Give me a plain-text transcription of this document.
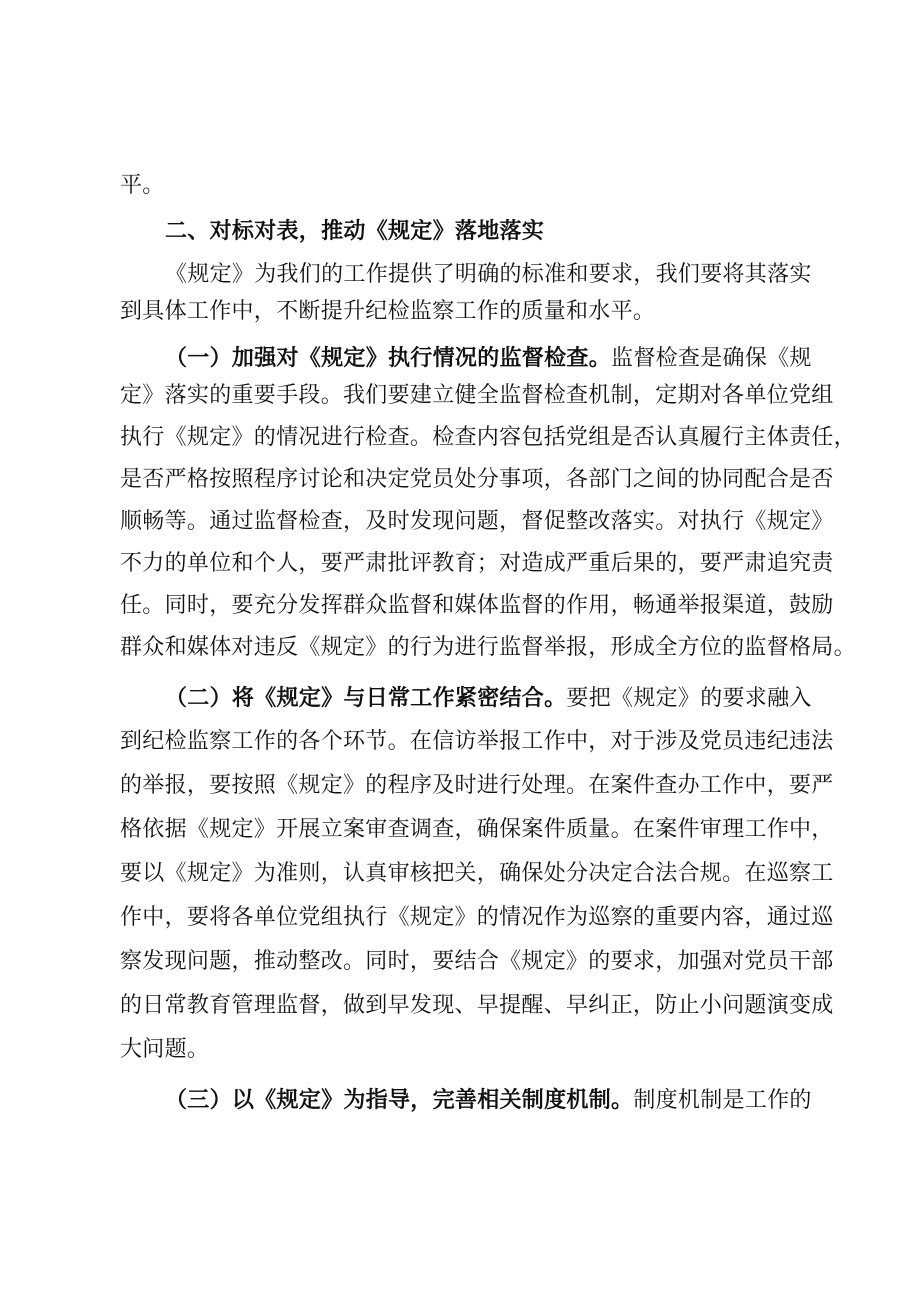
平。
二、对标对表，推动《规定》落地落实
《规定》为我们的工作提供了明确的标准和要求，我们要将其落实
到具体工作中，不断提升纪检监察工作的质量和水平。
（一）加强对《规定》执行情况的监督检查。监督检查是确保《规
定》落实的重要手段。我们要建立健全监督检查机制，定期对各单位党组
执行《规定》的情况进行检查。检查内容包括党组是否认真履行主体责任，
是否严格按照程序讨论和决定党员处分事项，各部门之间的协同配合是否
顺畅等。通过监督检查，及时发现问题，督促整改落实。对执行《规定》
不力的单位和个人，要严肃批评教育；对造成严重后果的，要严肃追究责
任。同时，要充分发挥群众监督和媒体监督的作用，畅通举报渠道，鼓励
群众和媒体对违反《规定》的行为进行监督举报，形成全方位的监督格局。
（二）将《规定》与日常工作紧密结合。要把《规定》的要求融入
到纪检监察工作的各个环节。在信访举报工作中，对于涉及党员违纪违法
的举报，要按照《规定》的程序及时进行处理。在案件查办工作中，要严
格依据《规定》开展立案审查调查，确保案件质量。在案件审理工作中，
要以《规定》为准则，认真审核把关，确保处分决定合法合规。在巡察工
作中，要将各单位党组执行《规定》的情况作为巡察的重要内容，通过巡
察发现问题，推动整改。同时，要结合《规定》的要求，加强对党员干部
的日常教育管理监督，做到早发现、早提醒、早纠正，防止小问题演变成
大问题。
（三）以《规定》为指导，完善相关制度机制。制度机制是工作的
